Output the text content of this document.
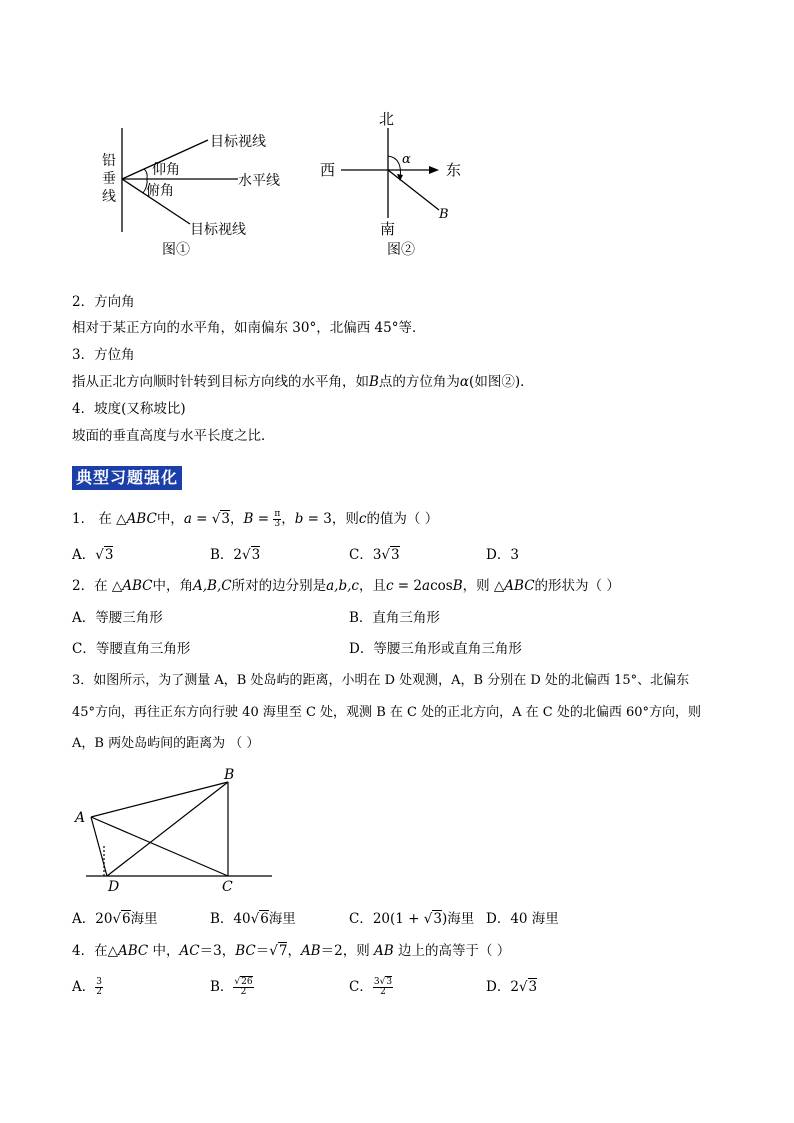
铅
垂
线
目标视线
仰角
水平线
俯角
目标视线
图①
北
西	东
α
B
南
图②
2．方向角
相对于某正方向的水平角，如南偏东 30°，北偏西 45°等．
3．方位角
指从正北方向顺时针转到目标方向线的水平角，如B点的方位角为α(如图②)．
4．坡度(又称坡比)
坡面的垂直高度与水平长度之比．
典型习题强化
1． 在 △ABC中，a = √3，$B = \frac{\pi}{3}$ ，b = 3，则c的值为（ ）
A．√3	B．2√3	C．3√3	D．3
2．在 △ABC中，角A,B,C所对的边分别是a,b,c，且c = 2acosB，则 △ABC的形状为（ ）
A．等腰三角形	B．直角三角形
C．等腰直角三角形	D．等腰三角形或直角三角形
3．如图所示，为了测量 A，B 处岛屿的距离，小明在 D 处观测，A，B 分别在 D 处的北偏西 15°、北偏东
45°方向，再往正东方向行驶 40 海里至 C 处，观测 B 在 C 处的正北方向，A 在 C 处的北偏西 60°方向，则
A，B 两处岛屿间的距离为 （ ）
A
B
D	C
A．20√6海里	B．40√6海里	C．20(1 + √3)海里 D．40 海里
4．在△ABC 中，AC＝3，BC＝√7，AB＝2，则 AB 边上的高等于（ ）
A． $\frac{3}{2}$	B． $\frac{√26}{2}$	C． $\frac{3√3}{2}$	D．2√3
